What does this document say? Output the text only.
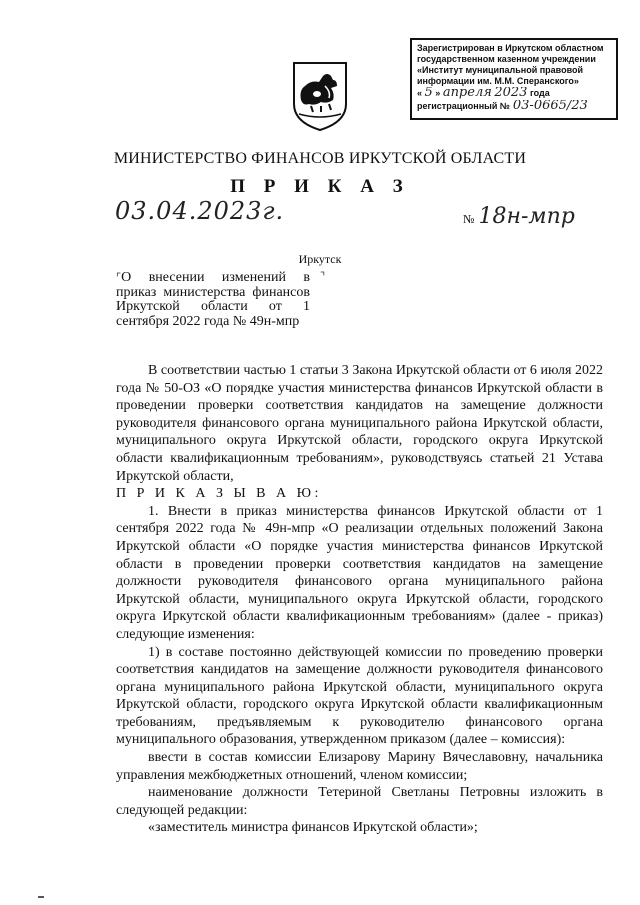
Зарегистрирован в Иркутском областном
государственном казенном учреждении
«Институт муниципальной правовой
информации им. М.М. Сперанского»
« 5 » апреля 2023 года
регистрационный № 03-0665/23
МИНИСТЕРСТВО ФИНАНСОВ ИРКУТСКОЙ ОБЛАСТИ
П Р И К А З
03.04.2023г.	№ 18н-мпр
Иркутск
⌜О внесении изменений в приказ министерства финансов Иркутской области от 1 сентября 2022 года № 49н-мпр
⌝

В соответствии частью 1 статьи 3 Закона Иркутской области от 6 июля 2022 года № 50-ОЗ «О порядке участия министерства финансов Иркутской области в проведении проверки соответствия кандидатов на замещение должности руководителя финансового органа муниципального района Иркутской области, муниципального округа Иркутской области, городского округа Иркутской области квалификационным требованиям», руководствуясь статьей 21 Устава Иркутской области,

П Р И К А З Ы В А Ю:

1. Внести в приказ министерства финансов Иркутской области от 1 сентября 2022 года № 49н-мпр «О реализации отдельных положений Закона Иркутской области «О порядке участия министерства финансов Иркутской области в проведении проверки соответствия кандидатов на замещение должности руководителя финансового органа муниципального района Иркутской области, муниципального округа Иркутской области, городского округа Иркутской области квалификационным требованиям» (далее - приказ) следующие изменения:

1) в составе постоянно действующей комиссии по проведению проверки соответствия кандидатов на замещение должности руководителя финансового органа муниципального района Иркутской области, муниципального округа Иркутской области, городского округа Иркутской области квалификационным требованиям, предъявляемым к руководителю финансового органа муниципального образования, утвержденном приказом (далее – комиссия):

ввести в состав комиссии Елизарову Марину Вячеславовну, начальника управления межбюджетных отношений, членом комиссии;

наименование должности Тетериной Светланы Петровны изложить в следующей редакции:

«заместитель министра финансов Иркутской области»;
